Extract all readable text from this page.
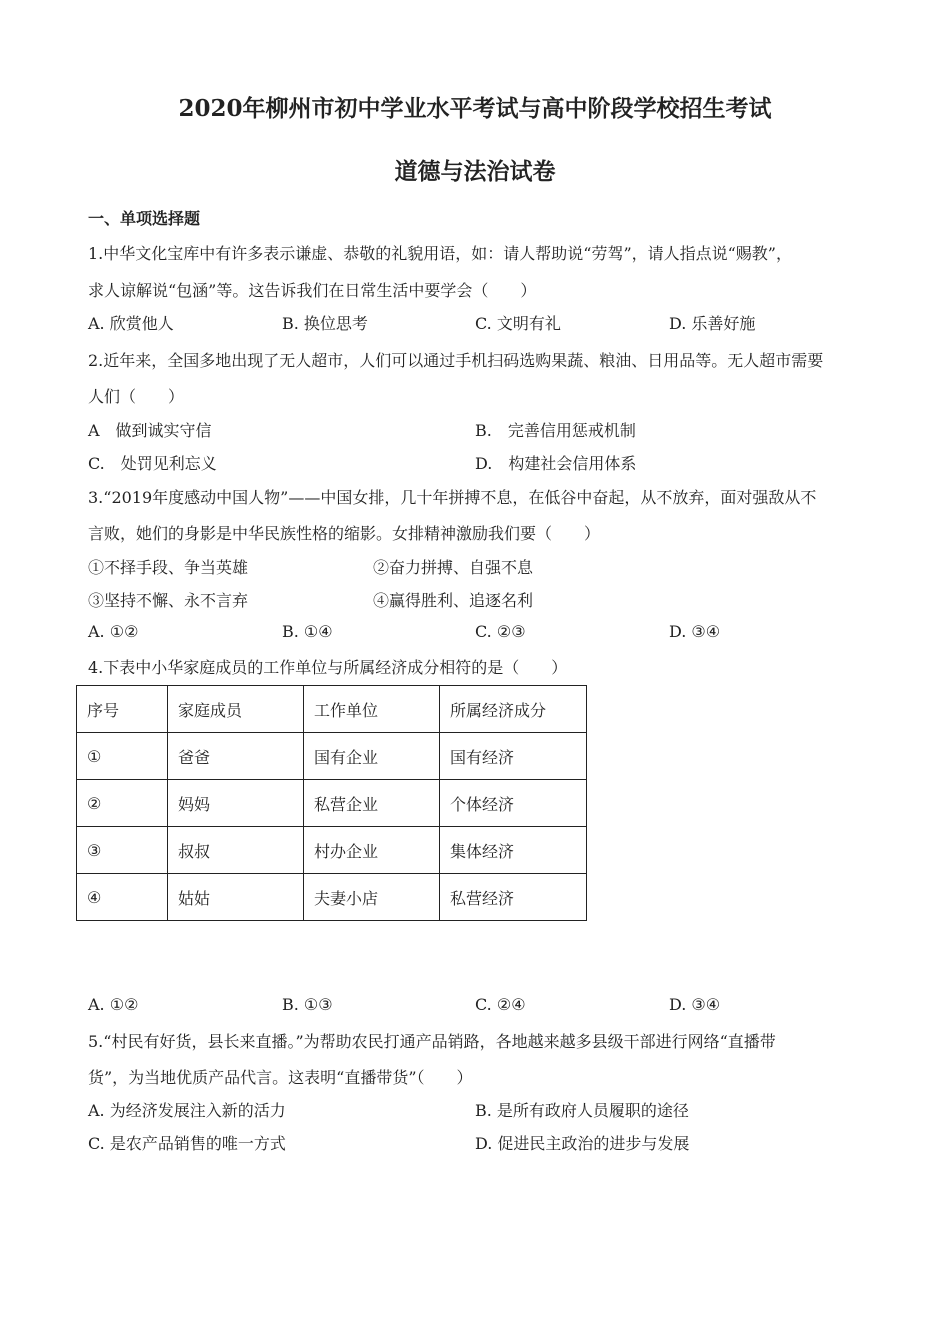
2020年柳州市初中学业水平考试与高中阶段学校招生考试
道德与法治试卷
一、单项选择题
1.中华文化宝库中有许多表示谦虚、恭敬的礼貌用语，如：请人帮助说“劳驾”，请人指点说“赐教”，
求人谅解说“包涵”等。这告诉我们在日常生活中要学会（　　）
A. 欣赏他人	B. 换位思考	C. 文明有礼	D. 乐善好施
2.近年来，全国多地出现了无人超市，人们可以通过手机扫码选购果蔬、粮油、日用品等。无人超市需要
人们（　　）
A　做到诚实守信	B.　完善信用惩戒机制
C.　处罚见利忘义	D.　构建社会信用体系
3.“2019年度感动中国人物”——中国女排，几十年拼搏不息，在低谷中奋起，从不放弃，面对强敌从不
言败，她们的身影是中华民族性格的缩影。女排精神激励我们要（　　）
①不择手段、争当英雄	②奋力拼搏、自强不息
③坚持不懈、永不言弃	④赢得胜利、追逐名利
A. ①②	B. ①④	C. ②③	D. ③④
4.下表中小华家庭成员的工作单位与所属经济成分相符的是（　　）
序号	家庭成员	工作单位	所属经济成分
①	爸爸	国有企业	国有经济
②	妈妈	私营企业	个体经济
③	叔叔	村办企业	集体经济
④	姑姑	夫妻小店	私营经济
A. ①②	B. ①③	C. ②④	D. ③④
5.“村民有好货，县长来直播。”为帮助农民打通产品销路，各地越来越多县级干部进行网络“直播带
货”，为当地优质产品代言。这表明“直播带货”（　　）
A. 为经济发展注入新的活力	B. 是所有政府人员履职的途径
C. 是农产品销售的唯一方式	D. 促进民主政治的进步与发展
